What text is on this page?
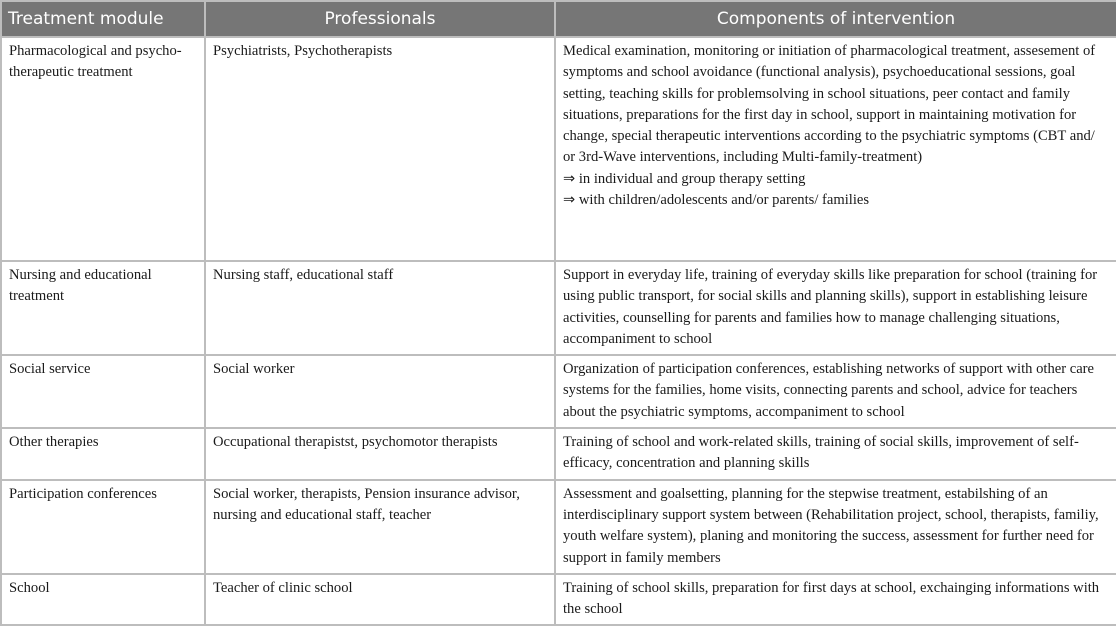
Treatment module	Professionals	Components of intervention
Pharmacological and psycho-therapeutic treatment	Psychiatrists, Psychotherapists	Medical examination, monitoring or initiation of pharmacological treatment, assesement of symptoms and school avoidance (functional analysis), psychoeducational sessions, goal setting, teaching skills for problemsolving in school situations, peer contact and family situations, preparations for the first day in school, support in maintaining motivation for change, special therapeutic interventions according to the psychiatric symptoms (CBT and/ or 3rd-Wave interventions, including Multi-family-treatment)
⇒ in individual and group therapy setting
⇒ with children/adolescents and/or parents/ families

Nursing and educational treatment	Nursing staff, educational staff	Support in everyday life, training of everyday skills like preparation for school (training for using public transport, for social skills and planning skills), support in establishing leisure activities, counselling for parents and families how to manage challenging situations, accompaniment to school
Social service	Social worker	Organization of participation conferences, establishing networks of support with other care systems for the families, home visits, connecting parents and school, advice for teachers about the psychiatric symptoms, accompaniment to school
Other therapies	Occupational therapistst, psychomotor therapists	Training of school and work-related skills, training of social skills, improvement of self-efficacy, concentration and planning skills
Participation conferences	Social worker, therapists, Pension insurance advisor, nursing and educational staff, teacher	Assessment and goalsetting, planning for the stepwise treatment, estabilshing of an interdisciplinary support system between (Rehabilitation project, school, therapists, familiy, youth welfare system), planing and monitoring the success, assessment for further need for support in family members
School	Teacher of clinic school	Training of school skills, preparation for first days at school, exchainging informations with the school
